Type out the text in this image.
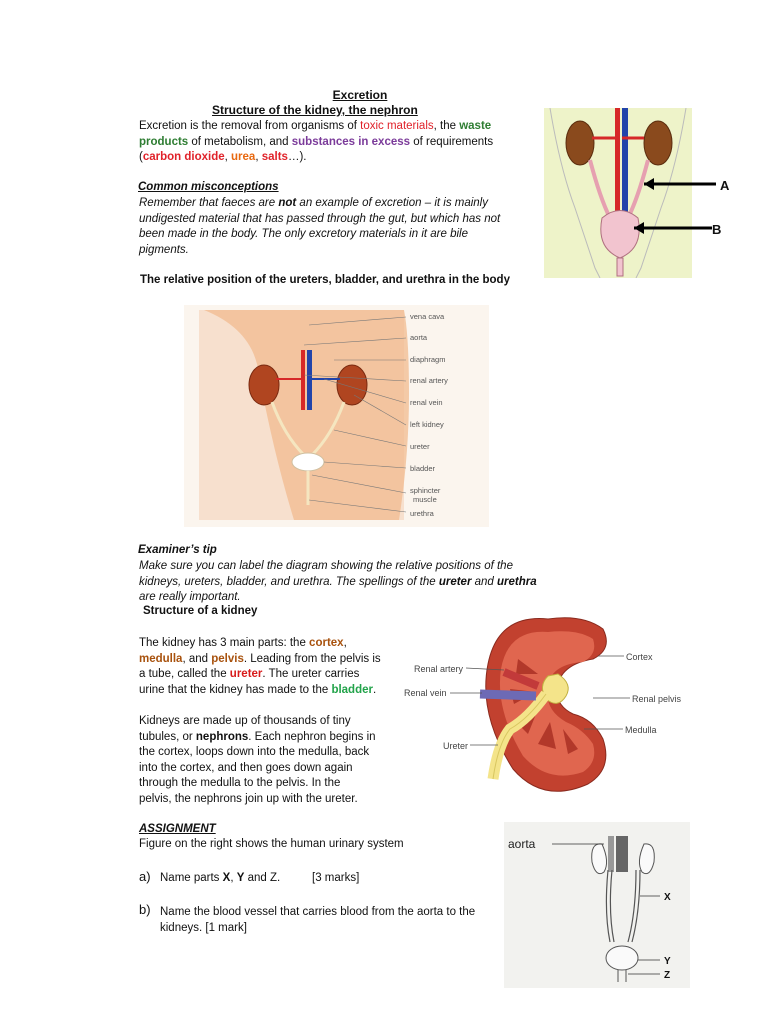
Excretion
Structure of the kidney, the nephron
Excretion is the removal from organisms of toxic materials, the waste
products of metabolism, and substances in excess of requirements
(carbon dioxide, urea, salts…).
Common misconceptions
Remember that faeces are not an example of excretion – it is mainly
undigested material that has passed through the gut, but which has not
been made in the body. The only excretory materials in it are bile
pigments.
A
B
The relative position of the ureters, bladder, and urethra in the body
vena cava
aorta
diaphragm
renal artery
renal vein
left kidney
ureter
bladder
sphincter
muscle
urethra
Examiner’s tip
Make sure you can label the diagram showing the relative positions of the
kidneys, ureters, bladder, and urethra. The spellings of the ureter and urethra
are really important.
Structure of a kidney
The kidney has 3 main parts: the cortex,
medulla, and pelvis. Leading from the pelvis is
a tube, called the ureter. The ureter carries
urine that the kidney has made to the bladder.
Kidneys are made up of thousands of tiny
tubules, or nephrons. Each nephron begins in
the cortex, loops down into the medulla, back
into the cortex, and then goes down again
through the medulla to the pelvis. In the
pelvis, the nephrons join up with the ureter.
Renal artery
Renal vein
Ureter
Cortex
Renal pelvis
Medulla
ASSIGNMENT
Figure on the right shows the human urinary system
a) Name parts X, Y and Z.	[3 marks]
b) Name the blood vessel that carries blood from the aorta to the
kidneys. [1 mark]
aorta
X
Y
Z
